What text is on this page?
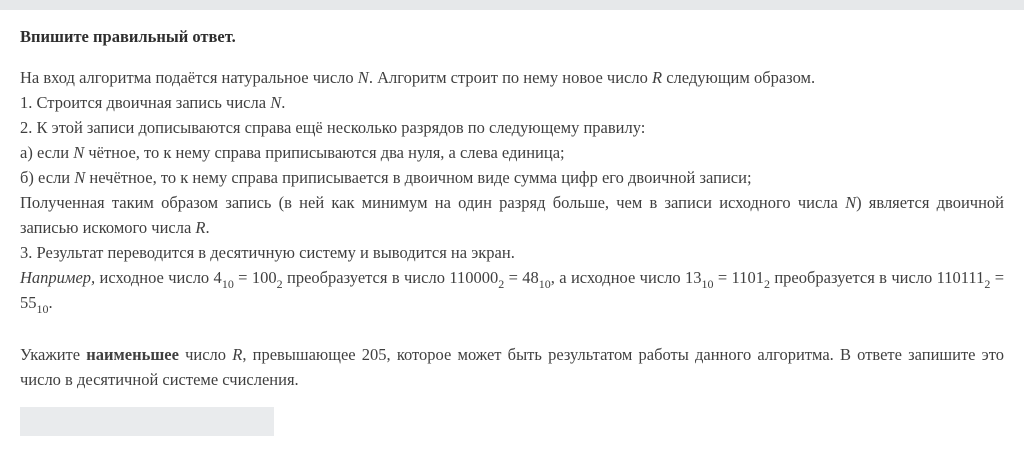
Впишите правильный ответ.

На вход алгоритма подаётся натуральное число N. Алгоритм строит по нему новое число R следующим образом.

1. Строится двоичная запись числа N.

2. К этой записи дописываются справа ещё несколько разрядов по следующему правилу:

а) если N чётное, то к нему справа приписываются два нуля, а слева единица;

б) если N нечётное, то к нему справа приписывается в двоичном виде сумма цифр его двоичной записи;

Полученная таким образом запись (в ней как минимум на один разряд больше, чем в записи исходного числа N) является двоичной записью искомого числа R.

3. Результат переводится в десятичную систему и выводится на экран.

Например, исходное число $4_{10} = 100_2$ преобразуется в число $110000_2 = 48_{10}$, а исходное число $13_{10} = 1101_2$ преобразуется в число $110111_2 = 55_{10}$.

Укажите наименьшее число R, превышающее 205, которое может быть результатом работы данного алгоритма. В ответе запишите это число в десятичной системе счисления.
